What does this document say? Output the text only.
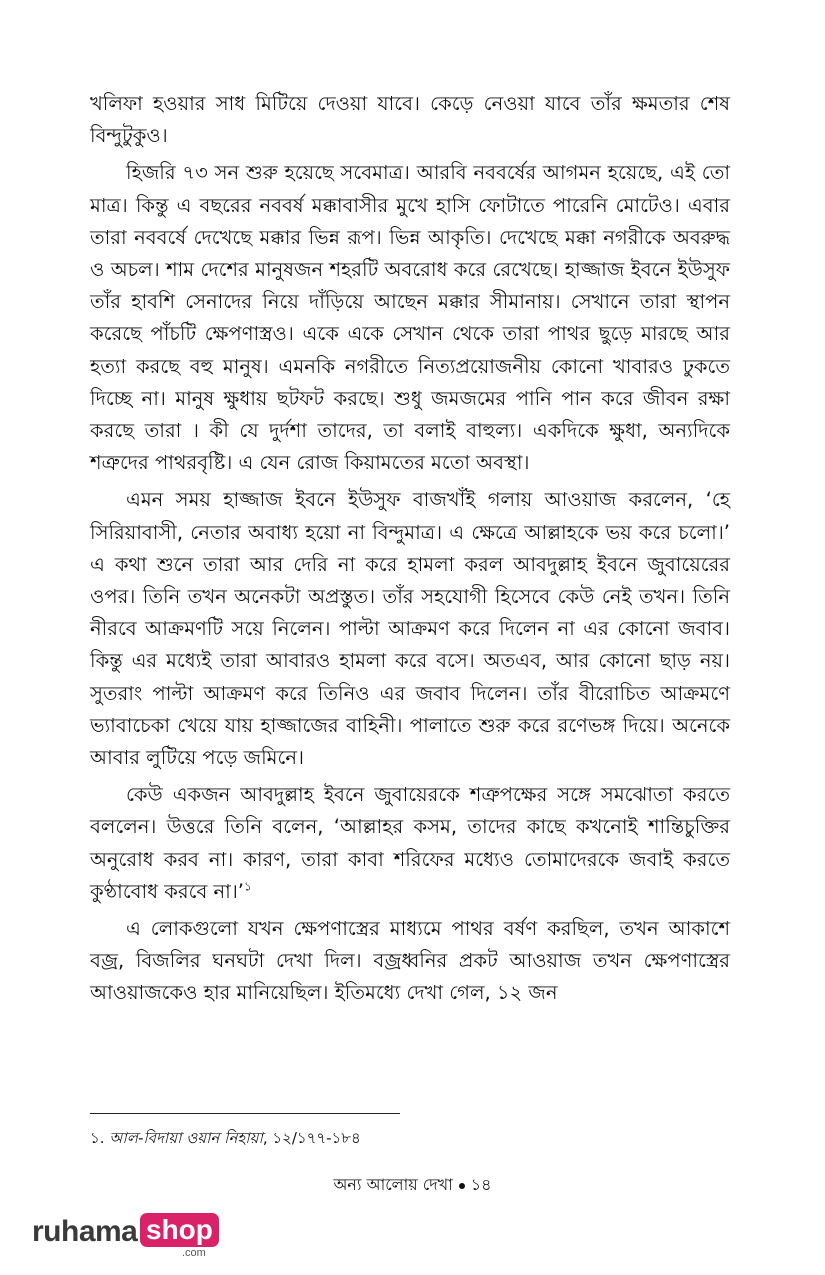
খলিফা হওয়ার সাধ মিটিয়ে দেওয়া যাবে। কেড়ে নেওয়া যাবে তাঁর ক্ষমতার শেষ বিন্দুটুকুও।

হিজরি ৭৩ সন শুরু হয়েছে সবেমাত্র। আরবি নববর্ষের আগমন হয়েছে, এই তো মাত্র। কিন্তু এ বছরের নববর্ষ মক্কাবাসীর মুখে হাসি ফোটাতে পারেনি মোটেও। এবার তারা নববর্ষে দেখেছে মক্কার ভিন্ন রূপ। ভিন্ন আকৃতি। দেখেছে মক্কা নগরীকে অবরুদ্ধ ও অচল। শাম দেশের মানুষজন শহরটি অবরোধ করে রেখেছে। হাজ্জাজ ইবনে ইউসুফ তাঁর হাবশি সেনাদের নিয়ে দাঁড়িয়ে আছেন মক্কার সীমানায়। সেখানে তারা স্থাপন করেছে পাঁচটি ক্ষেপণাস্ত্রও। একে একে সেখান থেকে তারা পাথর ছুড়ে মারছে আর হত্যা করছে বহু মানুষ। এমনকি নগরীতে নিত্যপ্রয়োজনীয় কোনো খাবারও ঢুকতে দিচ্ছে না। মানুষ ক্ষুধায় ছটফট করছে। শুধু জমজমের পানি পান করে জীবন রক্ষা করছে তারা । কী যে দুর্দশা তাদের, তা বলাই বাহুল্য। একদিকে ক্ষুধা, অন্যদিকে শত্রুদের পাথরবৃষ্টি। এ যেন রোজ কিয়ামতের মতো অবস্থা।

এমন সময় হাজ্জাজ ইবনে ইউসুফ বাজখাঁই গলায় আওয়াজ করলেন, ‘হে সিরিয়াবাসী, নেতার অবাধ্য হয়ো না বিন্দুমাত্র। এ ক্ষেত্রে আল্লাহকে ভয় করে চলো।’ এ কথা শুনে তারা আর দেরি না করে হামলা করল আবদুল্লাহ ইবনে জুবায়েরের ওপর। তিনি তখন অনেকটা অপ্রস্তুত। তাঁর সহযোগী হিসেবে কেউ নেই তখন। তিনি নীরবে আক্রমণটি সয়ে নিলেন। পাল্টা আক্রমণ করে দিলেন না এর কোনো জবাব। কিন্তু এর মধ্যেই তারা আবারও হামলা করে বসে। অতএব, আর কোনো ছাড় নয়। সুতরাং পাল্টা আক্রমণ করে তিনিও এর জবাব দিলেন। তাঁর বীরোচিত আক্রমণে ভ্যাবাচেকা খেয়ে যায় হাজ্জাজের বাহিনী। পালাতে শুরু করে রণেভঙ্গ দিয়ে। অনেকে আবার লুটিয়ে পড়ে জমিনে।

কেউ একজন আবদুল্লাহ ইবনে জুবায়েরকে শত্রুপক্ষের সঙ্গে সমঝোতা করতে বললেন। উত্তরে তিনি বলেন, ‘আল্লাহর কসম, তাদের কাছে কখনোই শান্তিচুক্তির অনুরোধ করব না। কারণ, তারা কাবা শরিফের মধ্যেও তোমাদেরকে জবাই করতে কুণ্ঠাবোধ করবে না।’$^১$

এ লোকগুলো যখন ক্ষেপণাস্ত্রের মাধ্যমে পাথর বর্ষণ করছিল, তখন আকাশে বজ্র, বিজলির ঘনঘটা দেখা দিল। বজ্রধ্বনির প্রকট আওয়াজ তখন ক্ষেপণাস্ত্রের আওয়াজকেও হার মানিয়েছিল। ইতিমধ্যে দেখা গেল, ১২ জন

১. আল-বিদায়া ওয়ান নিহায়া, ১২/১৭৭-১৮৪
অন্য আলোয় দেখা ১৪
ruhama shop
.com
